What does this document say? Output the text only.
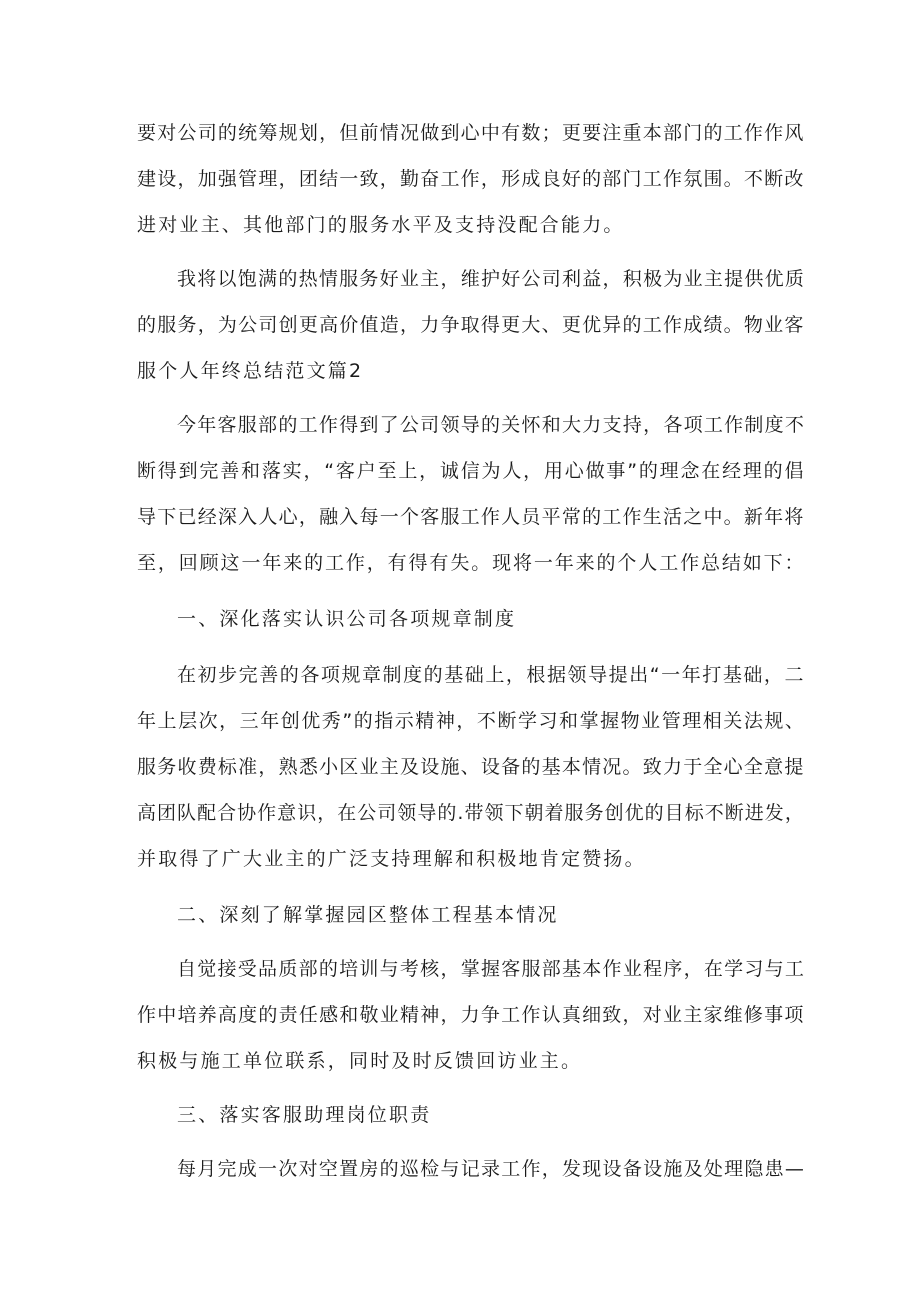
要对公司的统筹规划，但前情况做到心中有数；更要注重本部门的工作作风
建设，加强管理，团结一致，勤奋工作，形成良好的部门工作氛围。不断改
进对业主、其他部门的服务水平及支持没配合能力。
我将以饱满的热情服务好业主，维护好公司利益，积极为业主提供优质
的服务，为公司创更高价值造，力争取得更大、更优异的工作成绩。物业客
服个人年终总结范文篇2
今年客服部的工作得到了公司领导的关怀和大力支持，各项工作制度不
断得到完善和落实，“客户至上，诚信为人，用心做事”的理念在经理的倡
导下已经深入人心，融入每一个客服工作人员平常的工作生活之中。新年将
至，回顾这一年来的工作，有得有失。现将一年来的个人工作总结如下：
一、深化落实认识公司各项规章制度
在初步完善的各项规章制度的基础上，根据领导提出“一年打基础，二
年上层次，三年创优秀”的指示精神，不断学习和掌握物业管理相关法规、
服务收费标准，熟悉小区业主及设施、设备的基本情况。致力于全心全意提
高团队配合协作意识，在公司领导的.带领下朝着服务创优的目标不断进发，
并取得了广大业主的广泛支持理解和积极地肯定赞扬。
二、深刻了解掌握园区整体工程基本情况
自觉接受品质部的培训与考核，掌握客服部基本作业程序，在学习与工
作中培养高度的责任感和敬业精神，力争工作认真细致，对业主家维修事项
积极与施工单位联系，同时及时反馈回访业主。
三、落实客服助理岗位职责
每月完成一次对空置房的巡检与记录工作，发现设备设施及处理隐患—
